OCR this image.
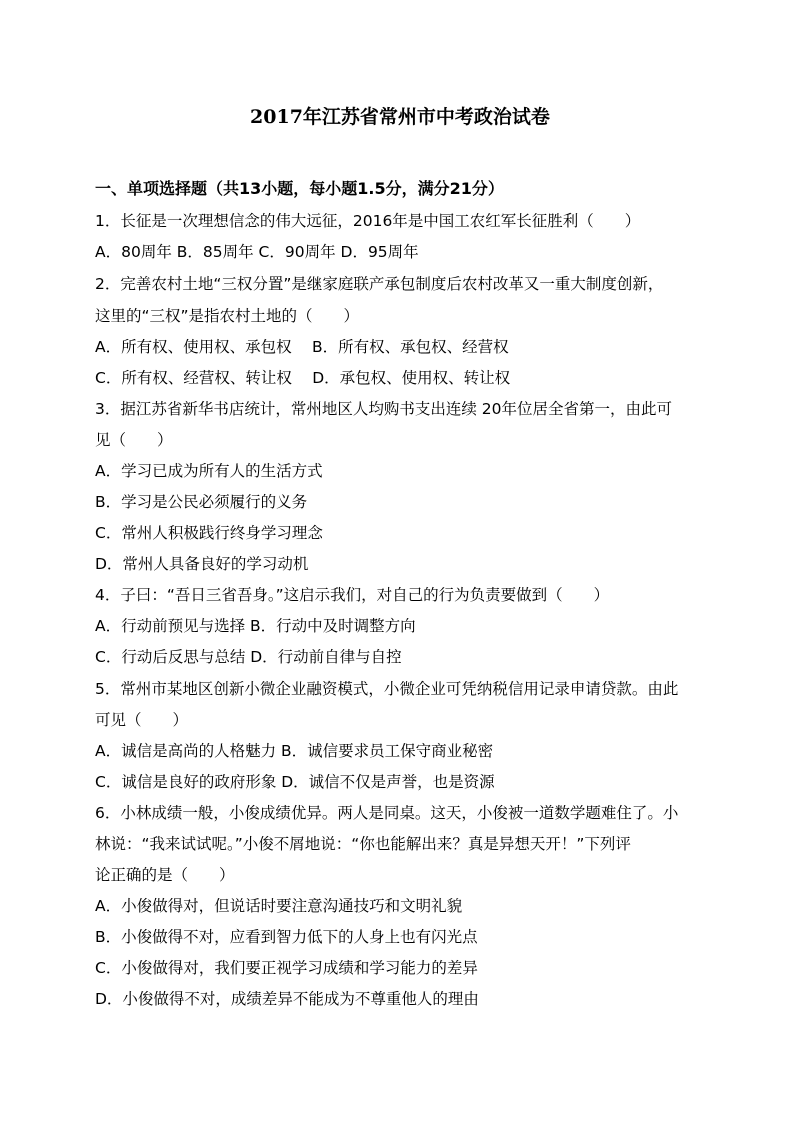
2017年江苏省常州市中考政治试卷
一、单项选择题（共13小题，每小题1.5分，满分21分）

1．长征是一次理想信念的伟大远征，2016年是中国工农红军长征胜利（　　）

A．80周年 B．85周年 C．90周年 D．95周年

2．完善农村土地“三权分置”是继家庭联产承包制度后农村改革又一重大制度创新，

这里的“三权”是指农村土地的（　　）

A．所有权、使用权、承包权　 B．所有权、承包权、经营权

C．所有权、经营权、转让权　 D．承包权、使用权、转让权

3．据江苏省新华书店统计，常州地区人均购书支出连续 20年位居全省第一，由此可

见（　　）

A．学习已成为所有人的生活方式

B．学习是公民必须履行的义务

C．常州人积极践行终身学习理念

D．常州人具备良好的学习动机

4．子曰：“吾日三省吾身。”这启示我们，对自己的行为负责要做到（　　）

A．行动前预见与选择 B．行动中及时调整方向

C．行动后反思与总结 D．行动前自律与自控

5．常州市某地区创新小微企业融资模式，小微企业可凭纳税信用记录申请贷款。由此

可见（　　）

A．诚信是高尚的人格魅力 B．诚信要求员工保守商业秘密

C．诚信是良好的政府形象 D．诚信不仅是声誉，也是资源

6．小林成绩一般，小俊成绩优异。两人是同桌。这天，小俊被一道数学题难住了。小

林说：“我来试试呢。”小俊不屑地说：“你也能解出来？真是异想天开！”下列评

论正确的是（　　）

A．小俊做得对，但说话时要注意沟通技巧和文明礼貌

B．小俊做得不对，应看到智力低下的人身上也有闪光点

C．小俊做得对，我们要正视学习成绩和学习能力的差异

D．小俊做得不对，成绩差异不能成为不尊重他人的理由
